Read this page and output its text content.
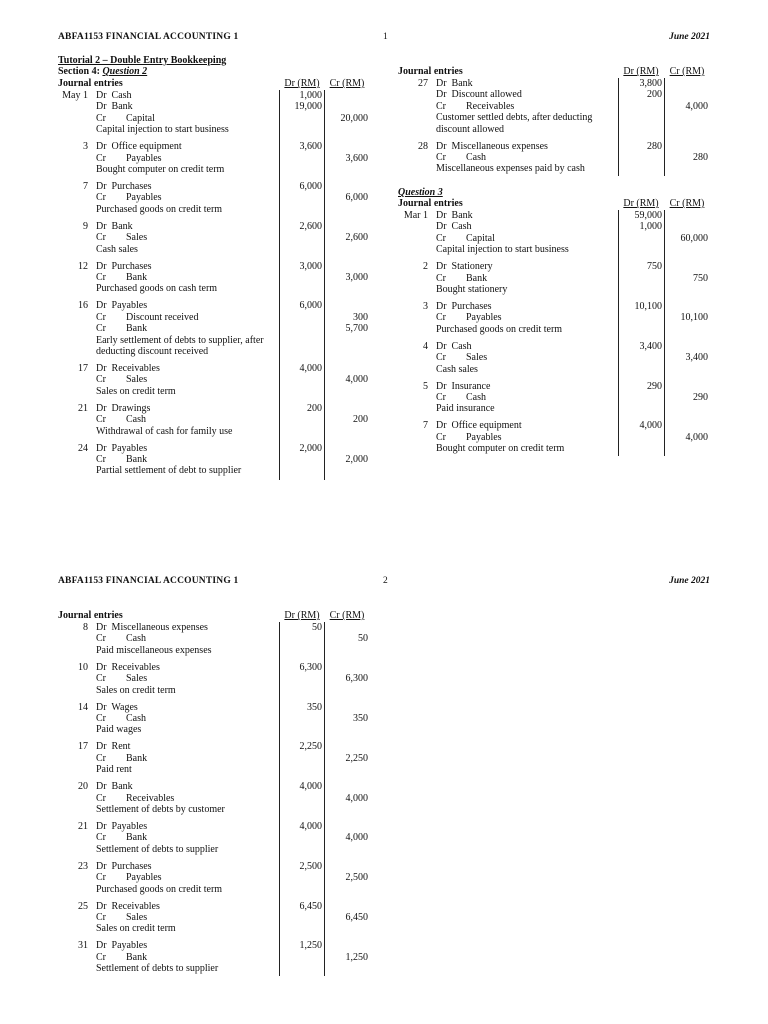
ABFA1153 FINANCIAL ACCOUNTING 1	1	June 2021
Tutorial 2 – Double Entry Bookkeeping
Section 4: Question 2
Journal entries	Dr (RM) Cr (RM)
May 1 Dr  Cash	1,000
Dr  Bank	19,000
Cr        Capital	20,000
Capital injection to start business
3 Dr  Office equipment	3,600
Cr        Payables	3,600
Bought computer on credit term
7 Dr  Purchases	6,000
Cr        Payables	6,000
Purchased goods on credit term
9 Dr  Bank	2,600
Cr        Sales	2,600
Cash sales
12 Dr  Purchases	3,000
Cr        Bank	3,000
Purchased goods on cash term
16 Dr  Payables	6,000
Cr        Discount received	300
Cr        Bank	5,700
Early settlement of debts to supplier, after
deducting discount received
17 Dr  Receivables	4,000
Cr        Sales	4,000
Sales on credit term
21 Dr  Drawings	200
Cr        Cash	200
Withdrawal of cash for family use
24 Dr  Payables	2,000
Cr        Bank	2,000
Partial settlement of debt to supplier
Journal entries	Dr (RM)	Cr (RM)
27 Dr  Bank	3,800
Dr  Discount allowed	200
Cr        Receivables	4,000
Customer settled debts, after deducting
discount allowed
28 Dr  Miscellaneous expenses	280
Cr        Cash	280
Miscellaneous expenses paid by cash
Question 3
Journal entries	Dr (RM)	Cr (RM)
Mar 1 Dr  Bank	59,000
Dr  Cash	1,000
Cr        Capital	60,000
Capital injection to start business
2 Dr  Stationery	750
Cr        Bank	750
Bought stationery
3 Dr  Purchases	10,100
Cr        Payables	10,100
Purchased goods on credit term
4 Dr  Cash	3,400
Cr        Sales	3,400
Cash sales
5 Dr  Insurance	290
Cr        Cash	290
Paid insurance
7 Dr  Office equipment	4,000
Cr        Payables	4,000
Bought computer on credit term
ABFA1153 FINANCIAL ACCOUNTING 1	2	June 2021
Journal entries	Dr (RM) Cr (RM)
8 Dr  Miscellaneous expenses	50
Cr        Cash	50
Paid miscellaneous expenses
10 Dr  Receivables	6,300
Cr        Sales	6,300
Sales on credit term
14 Dr  Wages	350
Cr        Cash	350
Paid wages
17 Dr  Rent	2,250
Cr        Bank	2,250
Paid rent
20 Dr  Bank	4,000
Cr        Receivables	4,000
Settlement of debts by customer
21 Dr  Payables	4,000
Cr        Bank	4,000
Settlement of debts to supplier
23 Dr  Purchases	2,500
Cr        Payables	2,500
Purchased goods on credit term
25 Dr  Receivables	6,450
Cr        Sales	6,450
Sales on credit term
31 Dr  Payables	1,250
Cr        Bank	1,250
Settlement of debts to supplier
